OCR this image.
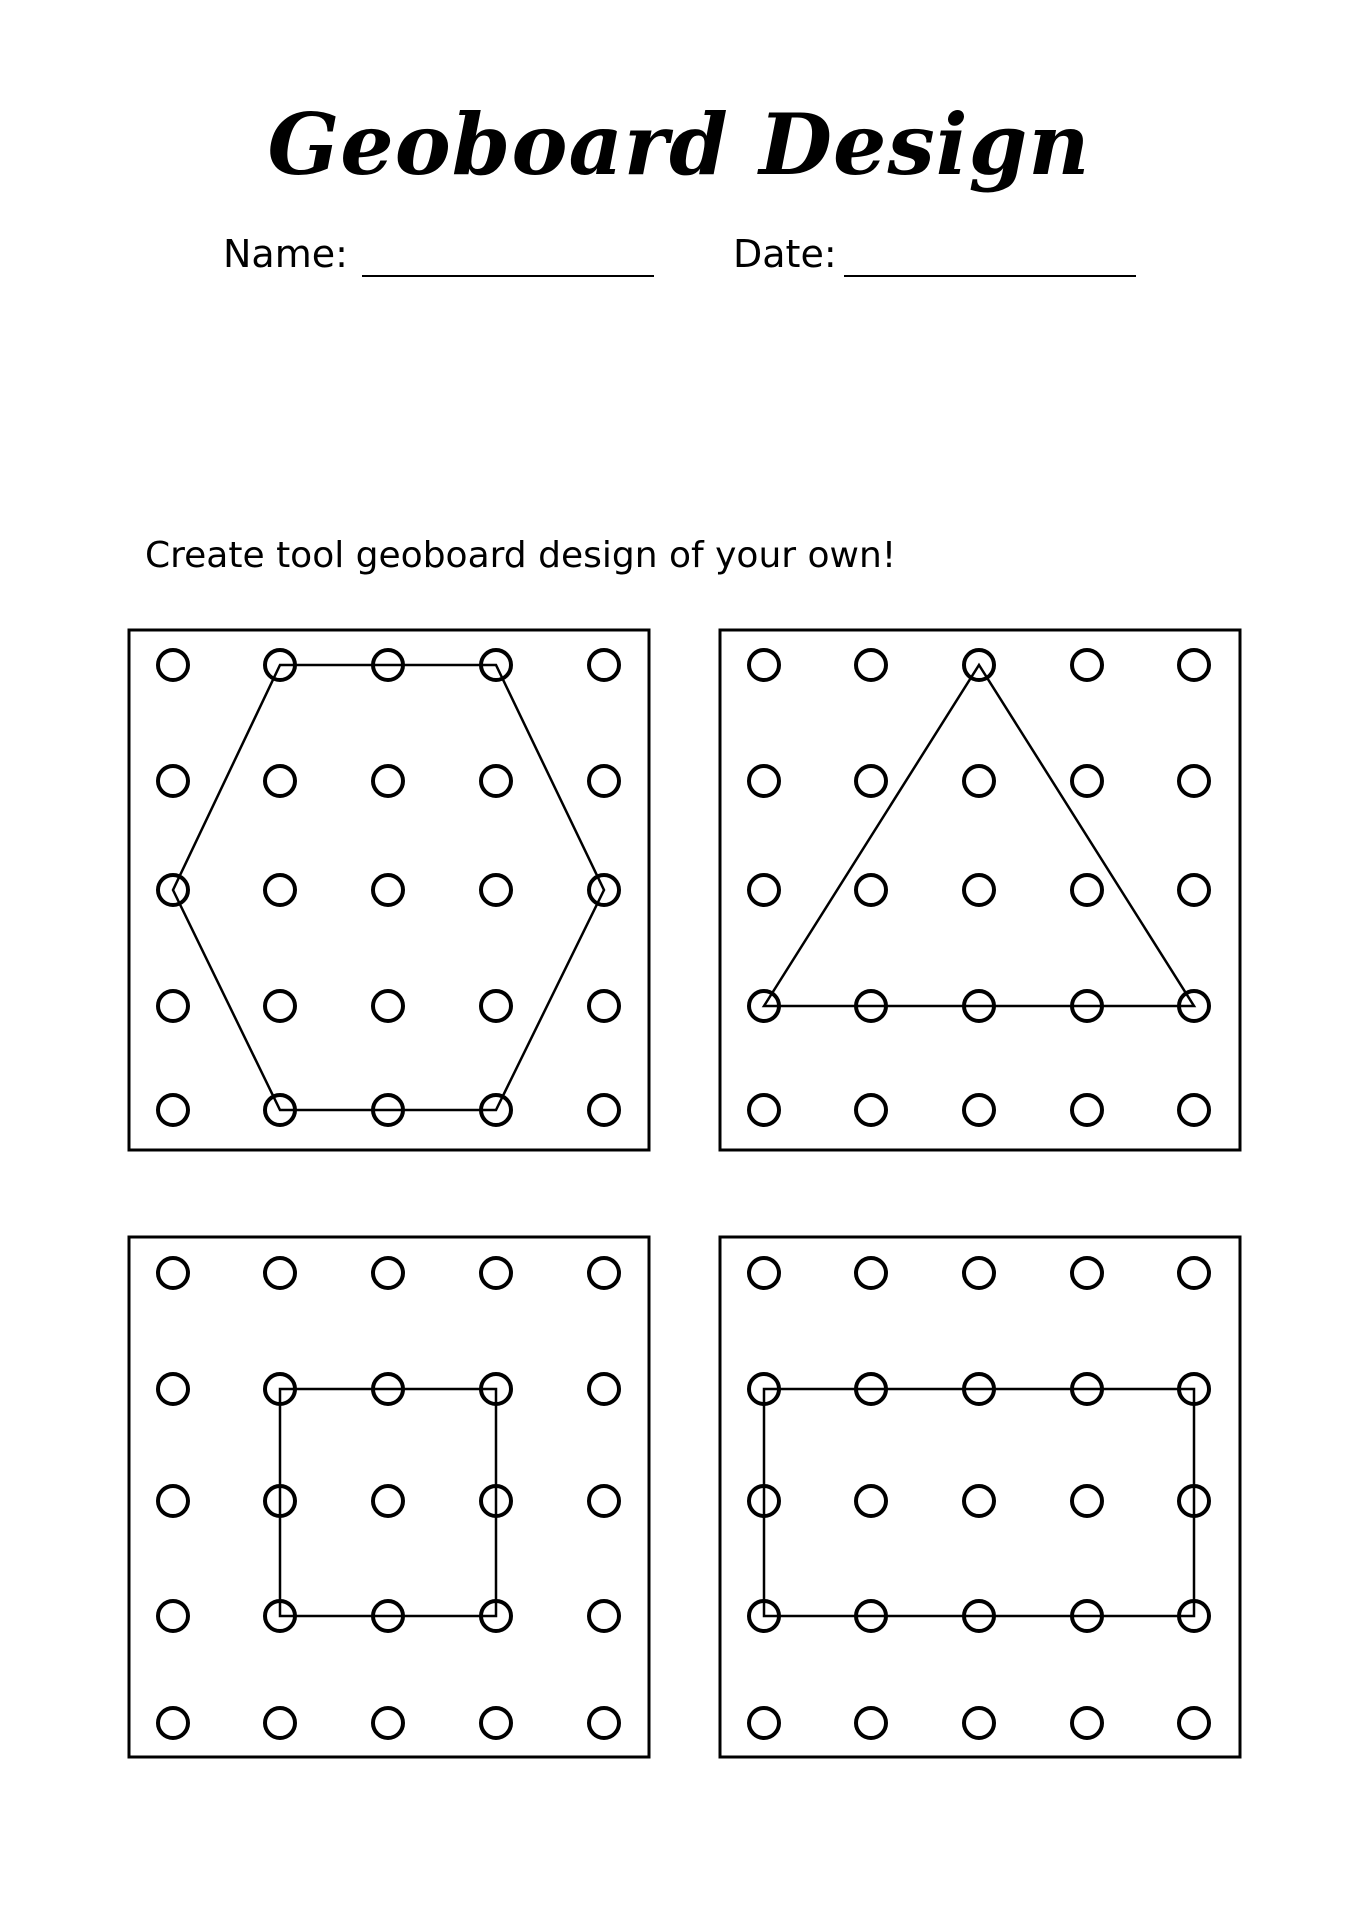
Geoboard Design
Name:	Date:
Create tool geoboard design of your own!
